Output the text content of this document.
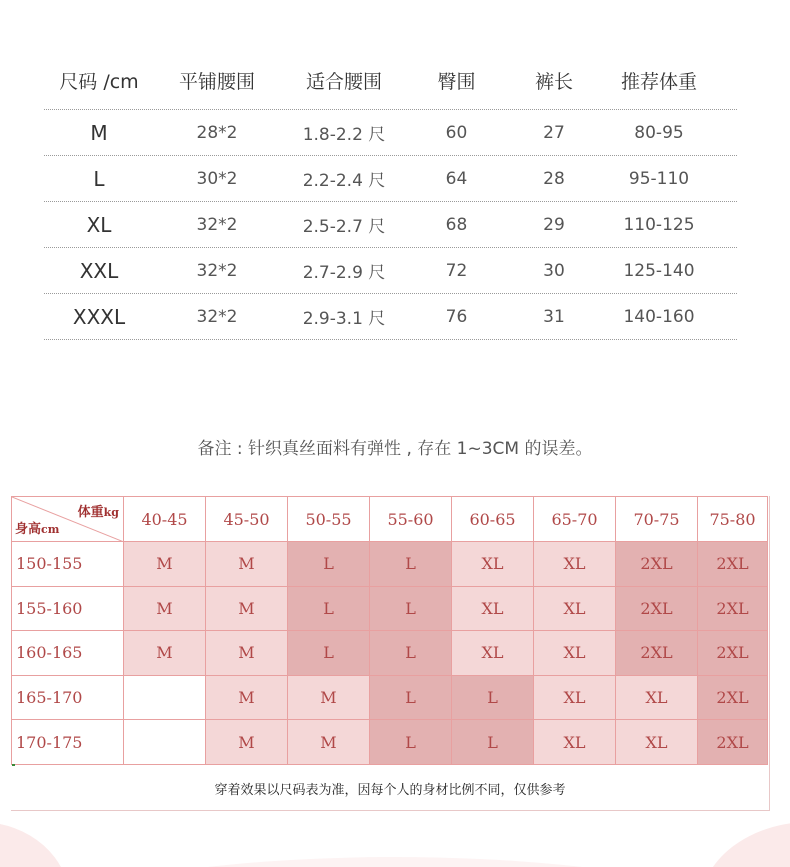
尺码 /cm	平铺腰围	适合腰围	臀围	裤长	推荐体重
M	28*2	1.8-2.2 尺	60	27	80-95
L	30*2	2.2-2.4 尺	64	28	95-110
XL	32*2	2.5-2.7 尺	68	29	110-125
XXL	32*2	2.7-2.9 尺	72	30	125-140
XXXL	32*2	2.9-3.1 尺	76	31	140-160
备注 : 针织真丝面料有弹性 , 存在 1~3CM 的误差。
体重kg
身高cm	40-45	45-50	50-55	55-60	60-65	65-70	70-75	75-80
150-155	M	M	L	L	XL	XL	2XL	2XL
155-160	M	M	L	L	XL	XL	2XL	2XL
160-165	M	M	L	L	XL	XL	2XL	2XL
165-170		M	M	L	L	XL	XL	2XL
170-175		M	M	L	L	XL	XL	2XL
穿着效果以尺码表为准，因每个人的身材比例不同，仅供参考
